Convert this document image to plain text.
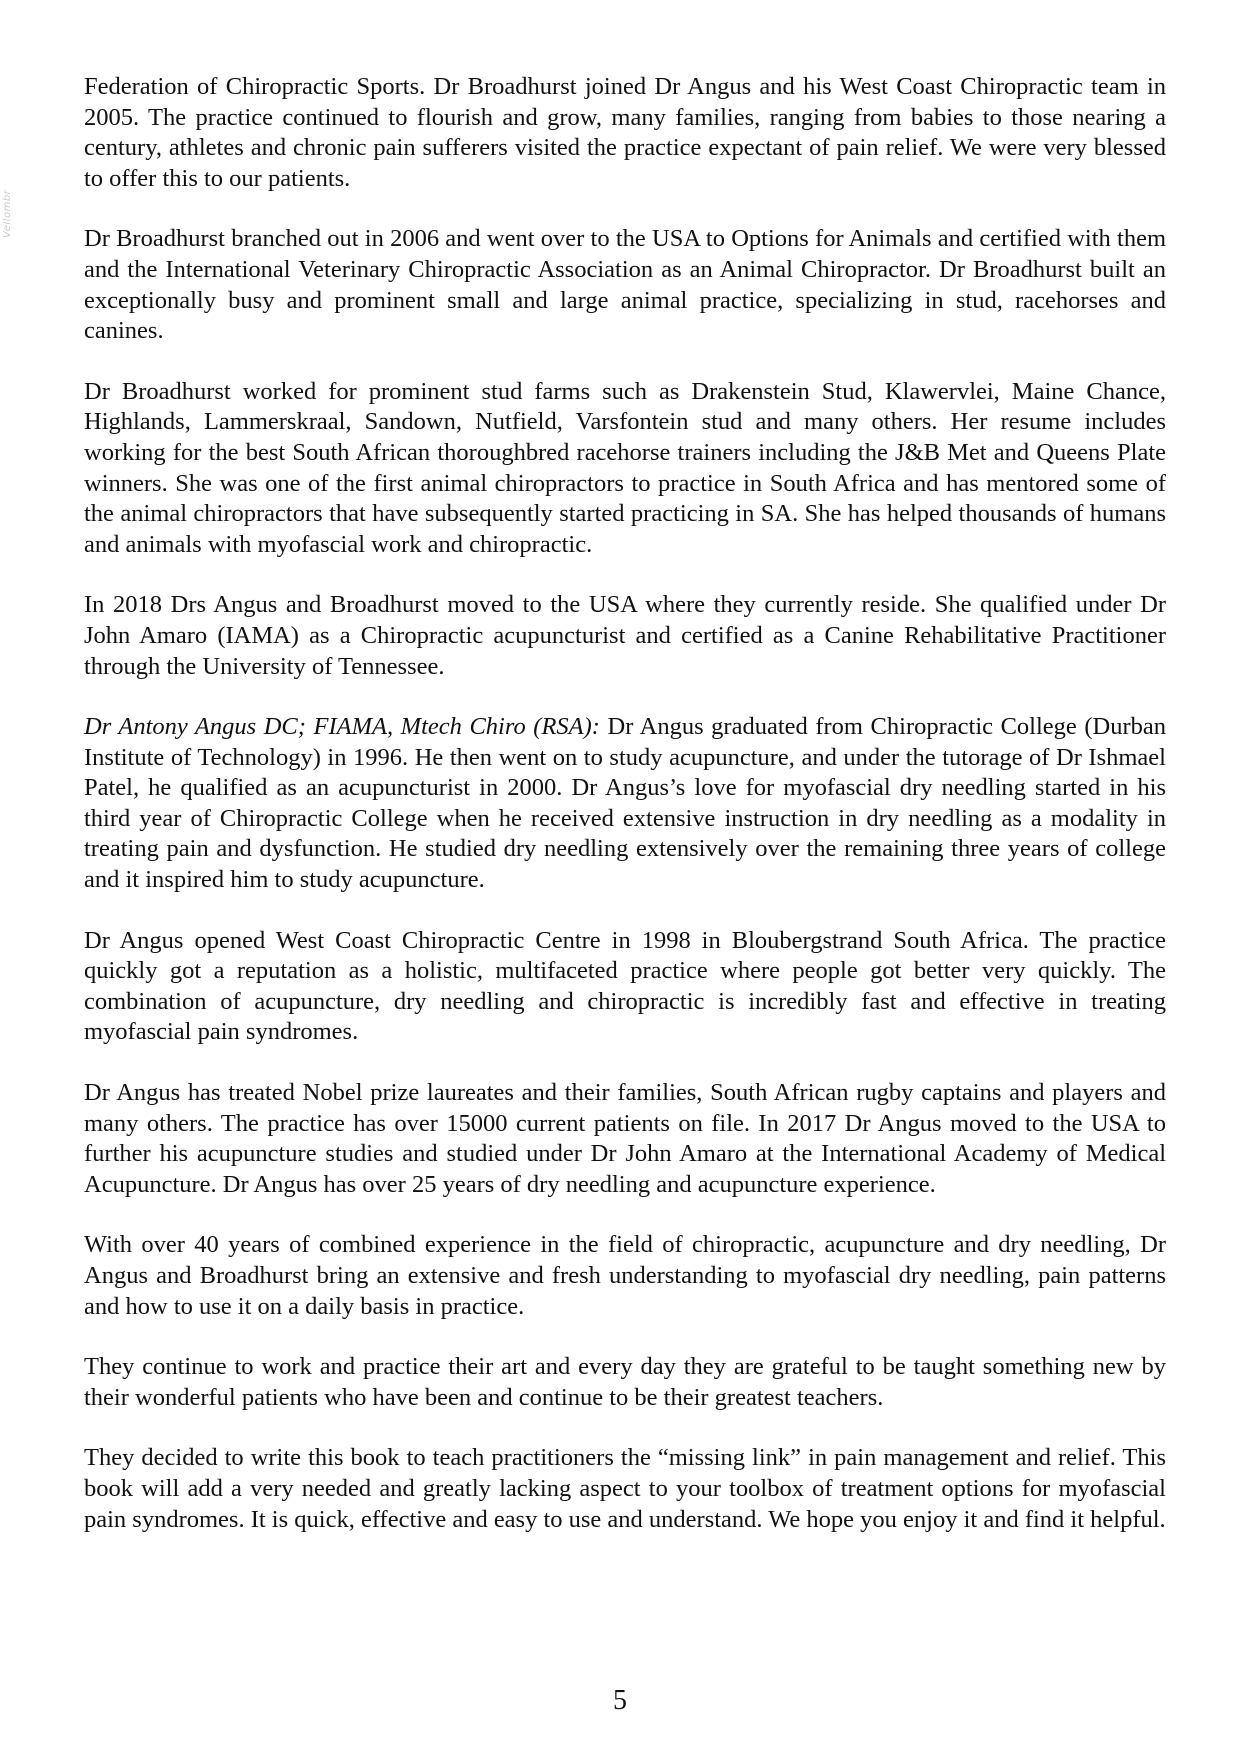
Vellombr

Federation of Chiropractic Sports. Dr Broadhurst joined Dr Angus and his West Coast Chiropractic team in 2005. The practice continued to flourish and grow, many families, ranging from babies to those nearing a century, athletes and chronic pain sufferers visited the practice expectant of pain relief. We were very blessed to offer this to our patients.

Dr Broadhurst branched out in 2006 and went over to the USA to Options for Animals and certified with them and the International Veterinary Chiropractic Association as an Animal Chiropractor. Dr Broadhurst built an exceptionally busy and prominent small and large animal practice, specializing in stud, racehorses and canines.

Dr Broadhurst worked for prominent stud farms such as Drakenstein Stud, Klawervlei, Maine Chance, Highlands, Lammerskraal, Sandown, Nutfield, Varsfontein stud and many others. Her resume includes working for the best South African thoroughbred racehorse trainers including the J&B Met and Queens Plate winners. She was one of the first animal chiropractors to practice in South Africa and has mentored some of the animal chiropractors that have subsequently started practicing in SA. She has helped thousands of humans and animals with myofascial work and chiropractic.

In 2018 Drs Angus and Broadhurst moved to the USA where they currently reside. She qualified under Dr John Amaro (IAMA) as a Chiropractic acupuncturist and certified as a Canine Rehabilitative Practitioner through the University of Tennessee.

Dr Antony Angus DC; FIAMA, Mtech Chiro (RSA): Dr Angus graduated from Chiropractic College (Durban Institute of Technology) in 1996. He then went on to study acupuncture, and under the tutorage of Dr Ishmael Patel, he qualified as an acupuncturist in 2000. Dr Angus’s love for myofascial dry needling started in his third year of Chiropractic College when he received extensive instruction in dry needling as a modality in treating pain and dysfunction. He studied dry needling extensively over the remaining three years of college and it inspired him to study acupuncture.

Dr Angus opened West Coast Chiropractic Centre in 1998 in Bloubergstrand South Africa. The practice quickly got a reputation as a holistic, multifaceted practice where people got better very quickly. The combination of acupuncture, dry needling and chiropractic is incredibly fast and effective in treating myofascial pain syndromes.

Dr Angus has treated Nobel prize laureates and their families, South African rugby captains and players and many others. The practice has over 15000 current patients on file. In 2017 Dr Angus moved to the USA to further his acupuncture studies and studied under Dr John Amaro at the International Academy of Medical Acupuncture. Dr Angus has over 25 years of dry needling and acupuncture experience.

With over 40 years of combined experience in the field of chiropractic, acupuncture and dry needling, Dr Angus and Broadhurst bring an extensive and fresh understanding to myofascial dry needling, pain patterns and how to use it on a daily basis in practice.

They continue to work and practice their art and every day they are grateful to be taught something new by their wonderful patients who have been and continue to be their greatest teachers.

They decided to write this book to teach practitioners the “missing link” in pain management and relief. This book will add a very needed and greatly lacking aspect to your toolbox of treatment options for myofascial pain syndromes. It is quick, effective and easy to use and understand. We hope you enjoy it and find it helpful.

5
